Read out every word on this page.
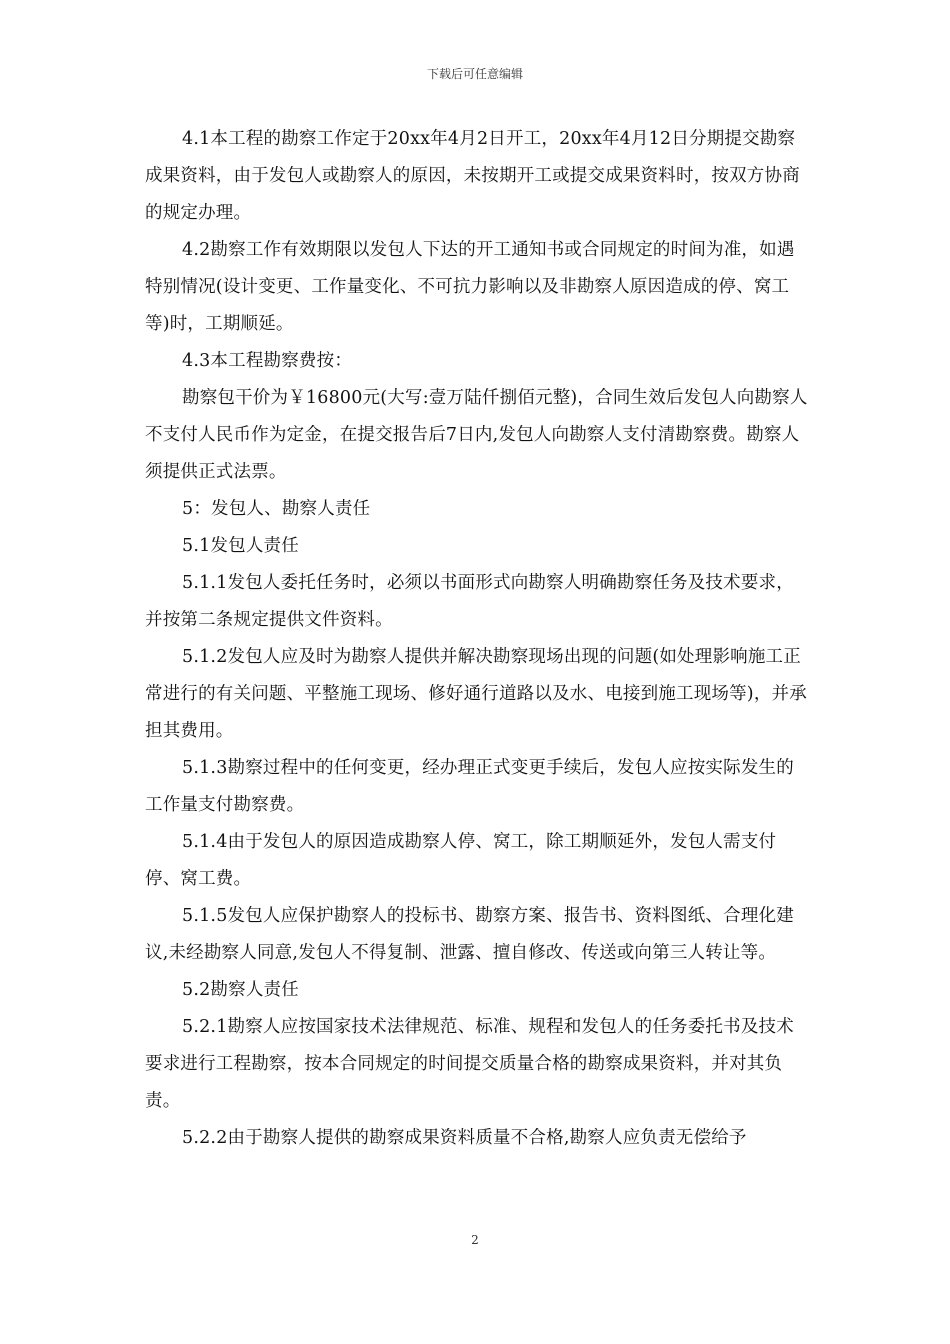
下载后可任意编辑

4.1本工程的勘察工作定于20xx年4月2日开工，20xx年4月12日分期提交勘察成果资料，由于发包人或勘察人的原因，未按期开工或提交成果资料时，按双方协商的规定办理。

4.2勘察工作有效期限以发包人下达的开工通知书或合同规定的时间为准，如遇特别情况(设计变更、工作量变化、不可抗力影响以及非勘察人原因造成的停、窝工等)时，工期顺延。

4.3本工程勘察费按：

勘察包干价为￥16800元(大写:壹万陆仟捌佰元整)，合同生效后发包人向勘察人不支付人民币作为定金，在提交报告后7日内,发包人向勘察人支付清勘察费。勘察人须提供正式法票。

5：发包人、勘察人责任

5.1发包人责任

5.1.1发包人委托任务时，必须以书面形式向勘察人明确勘察任务及技术要求，并按第二条规定提供文件资料。

5.1.2发包人应及时为勘察人提供并解决勘察现场出现的问题(如处理影响施工正常进行的有关问题、平整施工现场、修好通行道路以及水、电接到施工现场等)，并承担其费用。

5.1.3勘察过程中的任何变更，经办理正式变更手续后，发包人应按实际发生的工作量支付勘察费。

5.1.4由于发包人的原因造成勘察人停、窝工，除工期顺延外，发包人需支付停、窝工费。

5.1.5发包人应保护勘察人的投标书、勘察方案、报告书、资料图纸、合理化建议,未经勘察人同意,发包人不得复制、泄露、擅自修改、传送或向第三人转让等。

5.2勘察人责任

5.2.1勘察人应按国家技术法律规范、标准、规程和发包人的任务委托书及技术要求进行工程勘察，按本合同规定的时间提交质量合格的勘察成果资料，并对其负责。

5.2.2由于勘察人提供的勘察成果资料质量不合格,勘察人应负责无偿给予

2
